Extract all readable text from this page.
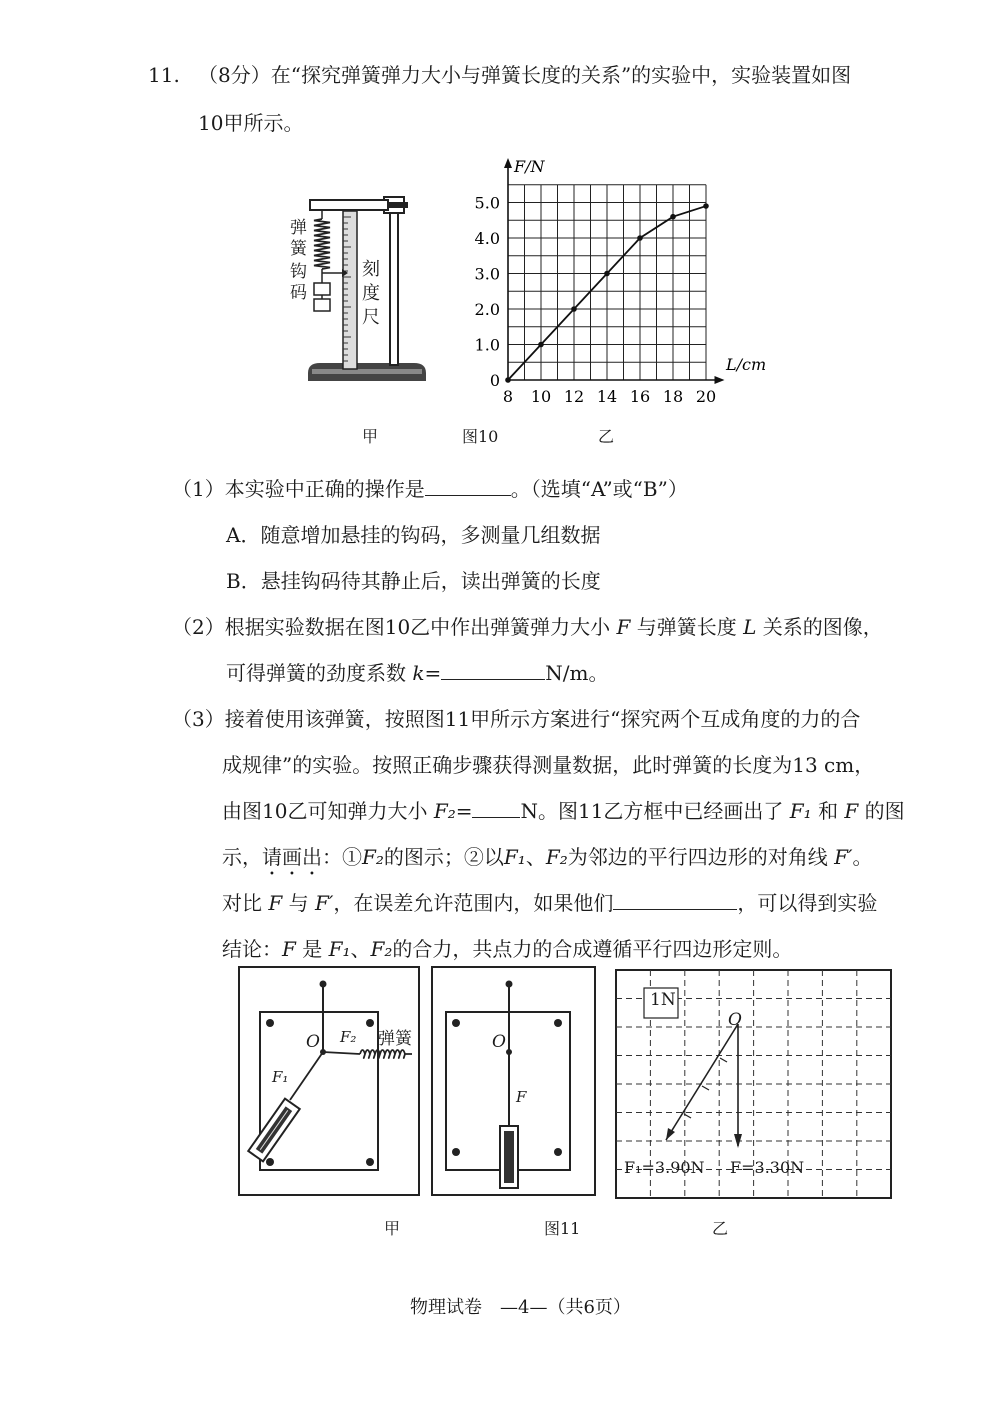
11. （8分）在“探究弹簧弹力大小与弹簧长度的关系”的实验中，实验装置如图
10甲所示。
弹簧
钩码
刻度尺
8 10 12 14 16 18 20
0
1.0
2.0
3.0
4.0
5.0
F/N
L/cm
甲	图10	乙
（1）本实验中正确的操作是	。（选填“A”或“B”）
A．随意增加悬挂的钩码，多测量几组数据
B．悬挂钩码待其静止后，读出弹簧的长度
（2）根据实验数据在图10乙中作出弹簧弹力大小 F 与弹簧长度 L 关系的图像，
可得弹簧的劲度系数 k=	N/m。
（3）接着使用该弹簧，按照图11甲所示方案进行“探究两个互成角度的力的合
成规律”的实验。按照正确步骤获得测量数据，此时弹簧的长度为13 cm，
由图10乙可知弹力大小 F₂= N。图11乙方框中已经画出了 F₁ 和 F 的图
示，请画出：①F₂的图示；②以F₁、F₂为邻边的平行四边形的对角线 F′。
对比 F 与 F′，在误差允许范围内，如果他们	，可以得到实验
结论：F 是 F₁、F₂的合力，共点力的合成遵循平行四边形定则。
O F₂ 弹簧
F₁
O
F
1N
O
F₁=3.90N F=3.30N
甲	图11	乙
物理试卷　—4—（共6页）
